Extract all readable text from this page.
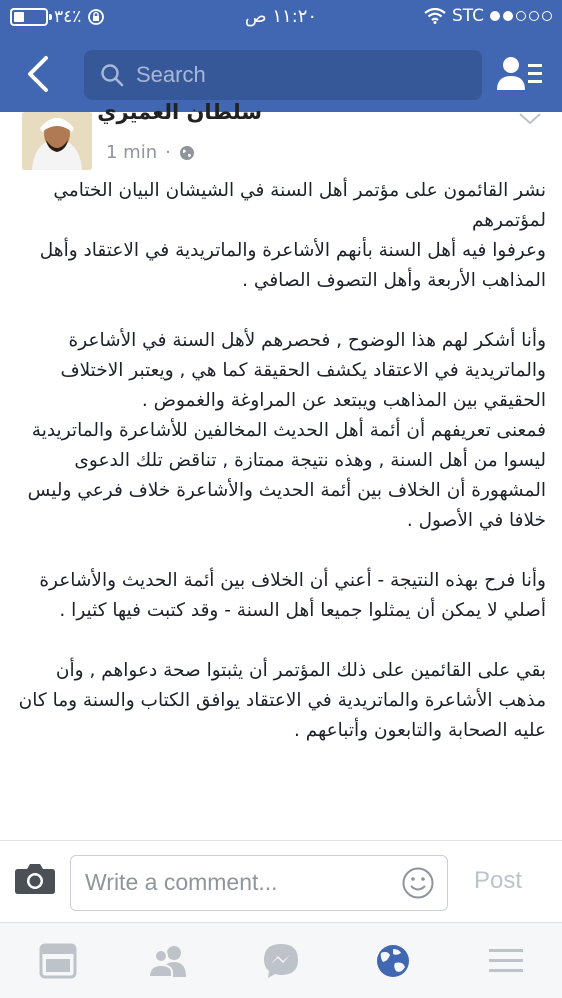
٣٤٪	١١:٢٠ ص	STC
Search
سلطان العميري
1 min ·
نشر القائمون على مؤتمر أهل السنة في الشيشان البيان الختامي لمؤتمرهم
وعرفوا فيه أهل السنة بأنهم الأشاعرة والماتريدية في الاعتقاد وأهل المذاهب الأربعة وأهل التصوف الصافي .
وأنا أشكر لهم هذا الوضوح , فحصرهم لأهل السنة في الأشاعرة والماتريدية في الاعتقاد يكشف الحقيقة كما هي , ويعتبر الاختلاف الحقيقي بين المذاهب ويبتعد عن المراوغة والغموض .
فمعنى تعريفهم أن أئمة أهل الحديث المخالفين للأشاعرة والماتريدية ليسوا من أهل السنة , وهذه نتيجة ممتازة , تناقض تلك الدعوى المشهورة أن الخلاف بين أئمة الحديث والأشاعرة خلاف فرعي وليس خلافا في الأصول .
وأنا فرح بهذه النتيجة - أعني أن الخلاف بين أئمة الحديث والأشاعرة أصلي لا يمكن أن يمثلوا جميعا أهل السنة - وقد كتبت فيها كثيرا .
بقي على القائمين على ذلك المؤتمر أن يثبتوا صحة دعواهم , وأن مذهب الأشاعرة والماتريدية في الاعتقاد يوافق الكتاب والسنة وما كان عليه الصحابة والتابعون وأتباعهم .
Write a comment...	Post
